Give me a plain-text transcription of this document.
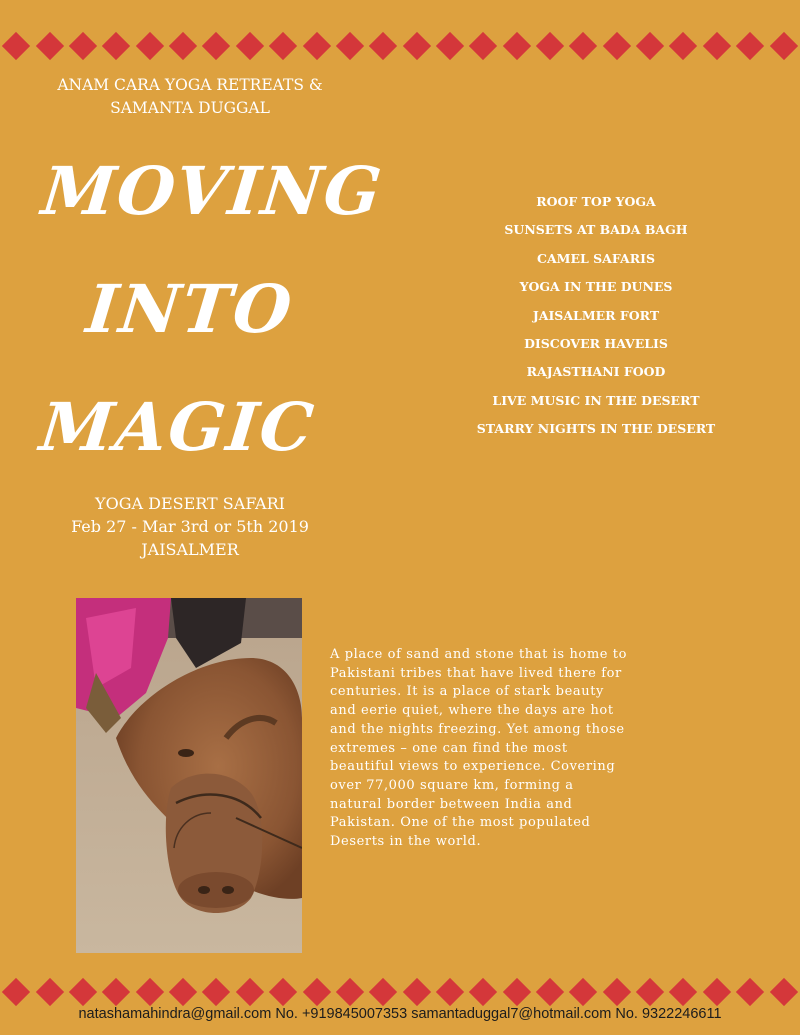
ANAM CARA YOGA RETREATS &
SAMANTA DUGGAL
MOVING
INTO
MAGIC
YOGA DESERT SAFARI
Feb 27 - Mar 3rd or 5th 2019
JAISALMER
ROOF TOP YOGA
SUNSETS AT BADA BAGH
CAMEL SAFARIS
YOGA IN THE DUNES
JAISALMER FORT
DISCOVER HAVELIS
RAJASTHANI FOOD
LIVE MUSIC IN THE DESERT
STARRY NIGHTS IN THE DESERT

A place of sand and stone that is home to Pakistani tribes that have lived there for centuries. It is a place of stark beauty and eerie quiet, where the days are hot and the nights freezing. Yet among those extremes – one can find the most beautiful views to experience. Covering over 77,000 square km, forming a natural border between India and Pakistan. One of the most populated Deserts in the world.

natashamahindra@gmail.com No. +919845007353 samantaduggal7@hotmail.com No. 9322246611
